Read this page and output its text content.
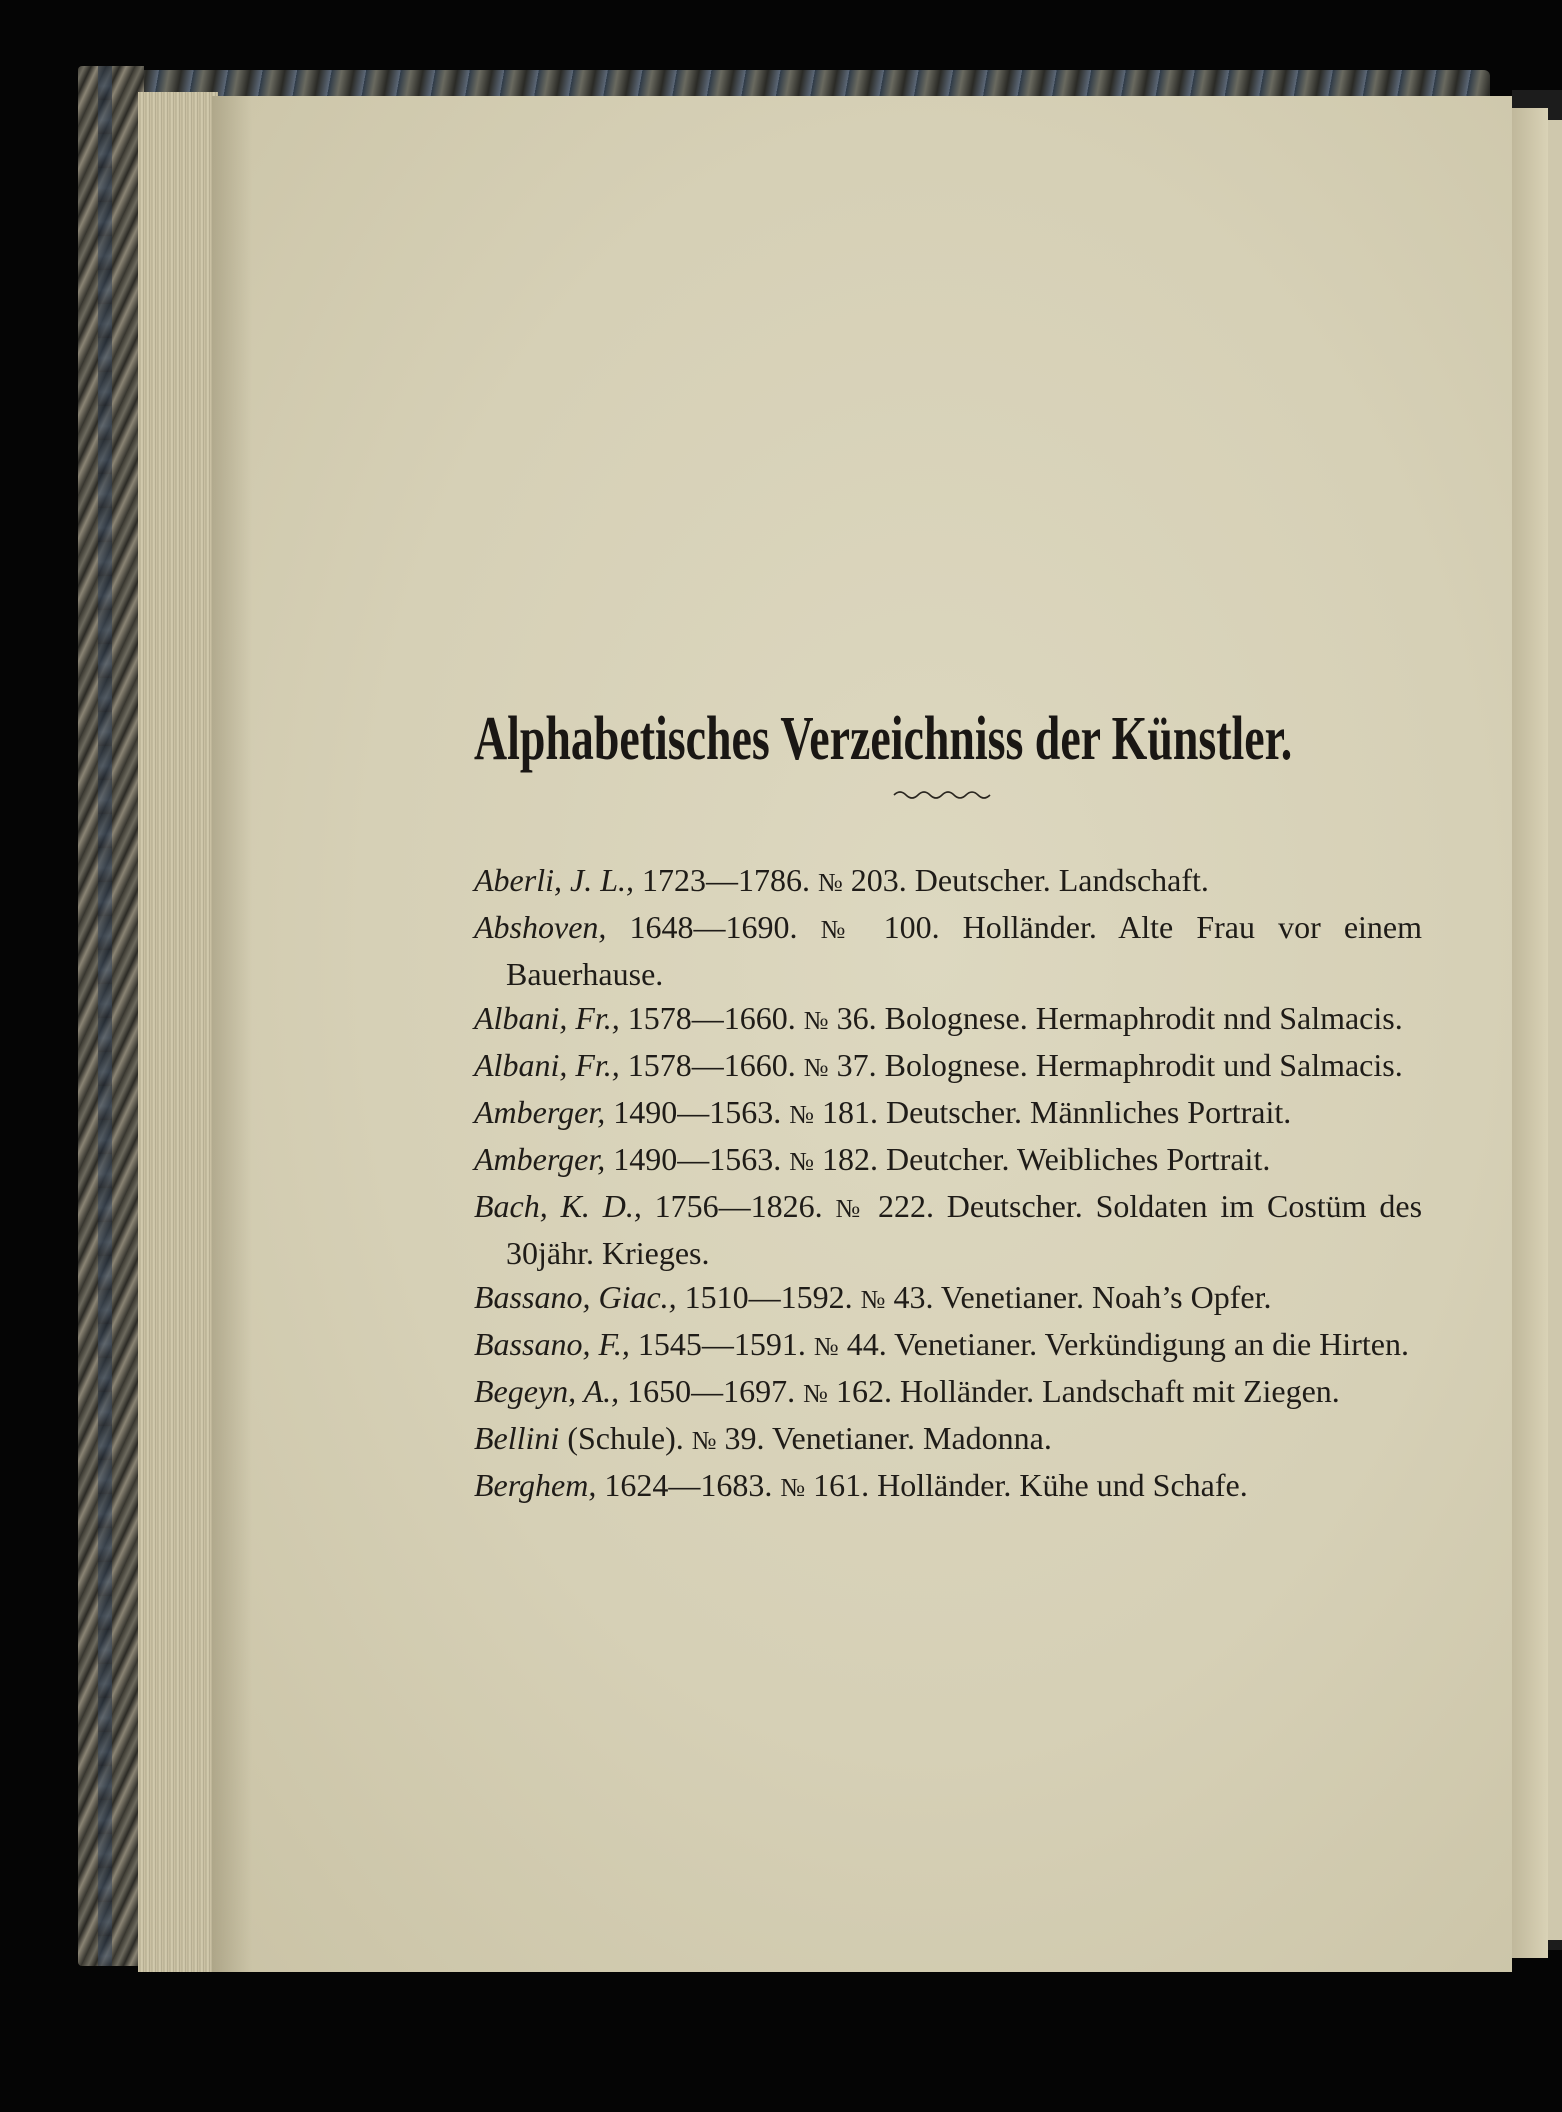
Alphabetisches Verzeichniss der Künstler.

Aberli, J. L., 1723—1786. № 203. Deutscher. Landschaft.

Abshoven, 1648—1690. № 100. Holländer. Alte Frau vor einem Bauerhause.

Albani, Fr., 1578—1660. № 36. Bolognese. Hermaphrodit nnd Salmacis.

Albani, Fr., 1578—1660. № 37. Bolognese. Hermaphrodit und Salmacis.

Amberger, 1490—1563. № 181. Deutscher. Männliches Portrait.

Amberger, 1490—1563. № 182. Deutcher. Weibliches Portrait.

Bach, K. D., 1756—1826. № 222. Deutscher. Soldaten im Costüm des 30jähr. Krieges.

Bassano, Giac., 1510—1592. № 43. Venetianer. Noah’s Opfer.

Bassano, F., 1545—1591. № 44. Venetianer. Verkündigung an die Hirten.

Begeyn, A., 1650—1697. № 162. Holländer. Landschaft mit Ziegen.

Bellini (Schule). № 39. Venetianer. Madonna.

Berghem, 1624—1683. № 161. Holländer. Kühe und Schafe.
